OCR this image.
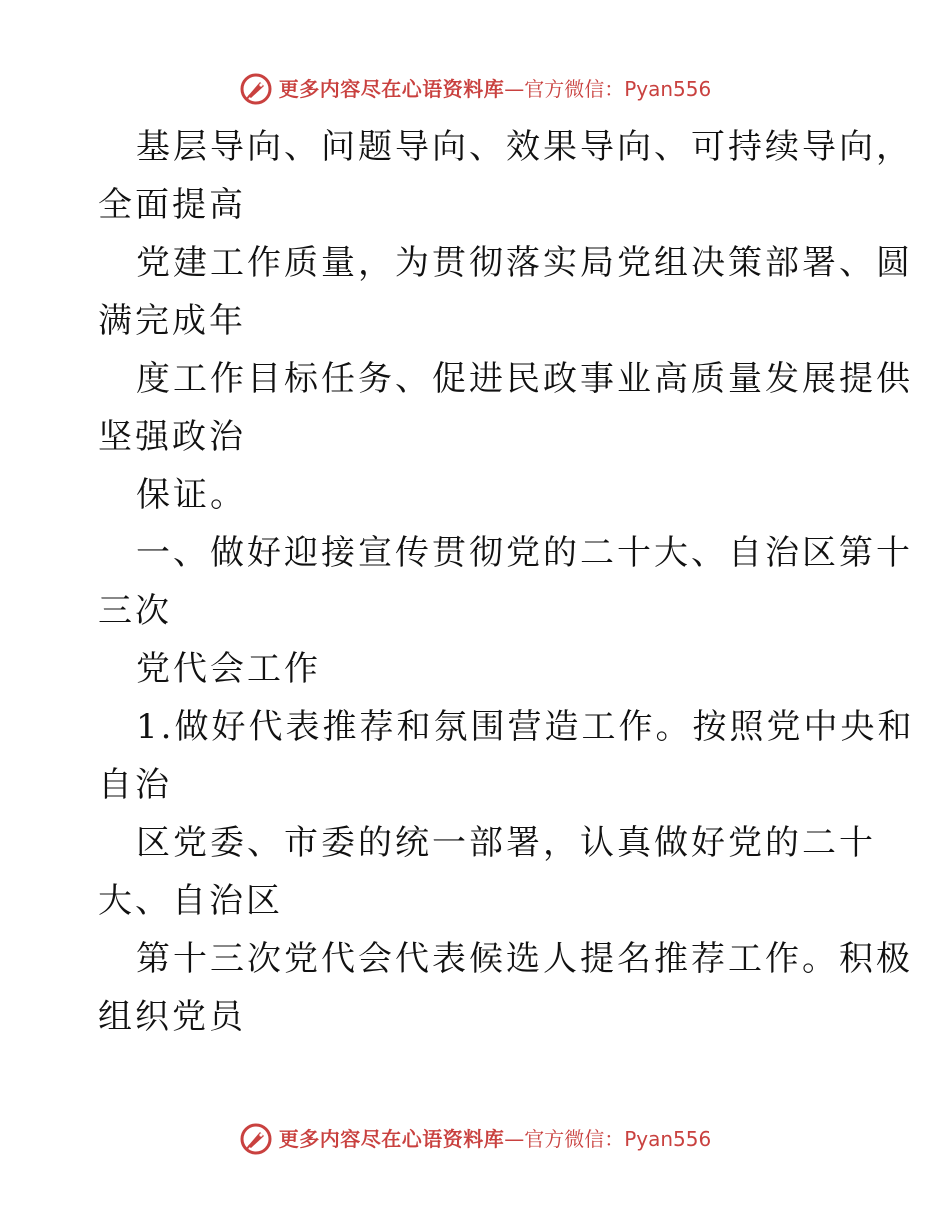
更多内容尽在心语资料库 — 官方微信：Pyan556
基层导向、问题导向、效果导向、可持续导向，
全面提高
党建工作质量，为贯彻落实局党组决策部署、圆
满完成年
度工作目标任务、促进民政事业高质量发展提供
坚强政治
保证。
一、做好迎接宣传贯彻党的二十大、自治区第十
三次
党代会工作
1.做好代表推荐和氛围营造工作。按照党中央和
自治
区党委、市委的统一部署，认真做好党的二十
大、自治区
第十三次党代会代表候选人提名推荐工作。积极
组织党员
更多内容尽在心语资料库 — 官方微信：Pyan556
